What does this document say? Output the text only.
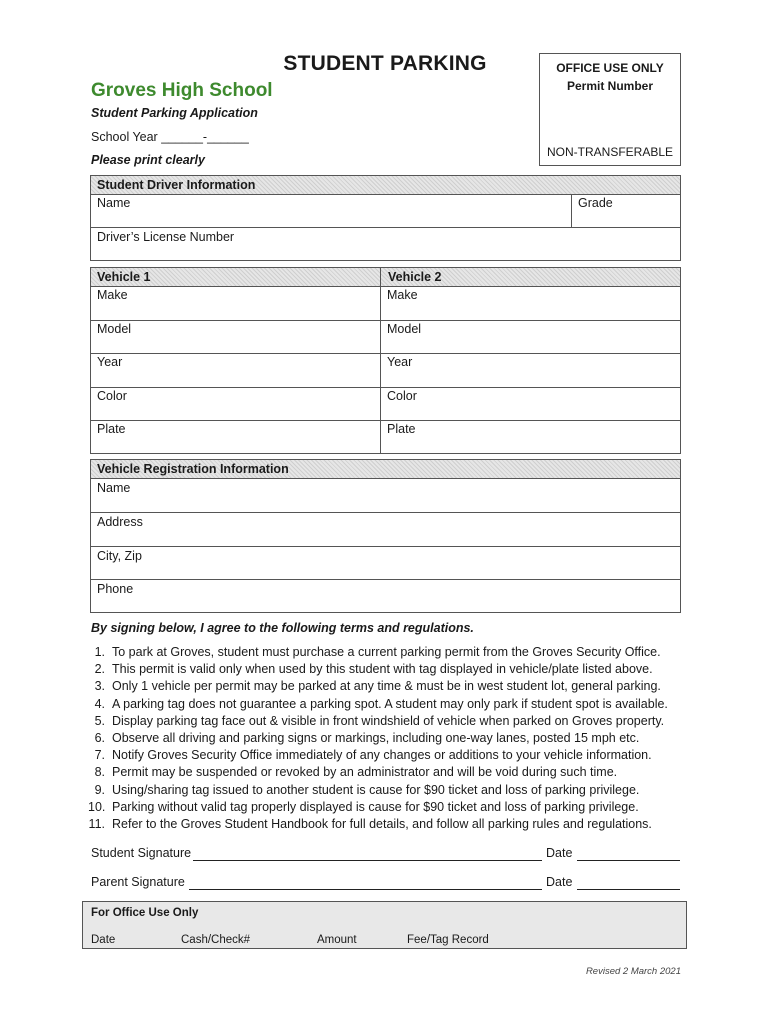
STUDENT PARKING
Groves High School
Student Parking Application
School Year ______-______
Please print clearly
OFFICE USE ONLY
Permit Number
NON-TRANSFERABLE
Student Driver Information
Name	Grade
Driver’s License Number
Vehicle 1	Vehicle 2
Make	Make
Model	Model
Year	Year
Color	Color
Plate	Plate
Vehicle Registration Information
Name
Address
City, Zip
Phone
By signing below, I agree to the following terms and regulations.
1. To park at Groves, student must purchase a current parking permit from the Groves Security Office.
2. This permit is valid only when used by this student with tag displayed in vehicle/plate listed above.
3. Only 1 vehicle per permit may be parked at any time & must be in west student lot, general parking.
4. A parking tag does not guarantee a parking spot. A student may only park if student spot is available.
5. Display parking tag face out & visible in front windshield of vehicle when parked on Groves property.
6. Observe all driving and parking signs or markings, including one-way lanes, posted 15 mph etc.
7. Notify Groves Security Office immediately of any changes or additions to your vehicle information.
8. Permit may be suspended or revoked by an administrator and will be void during such time.
9. Using/sharing tag issued to another student is cause for $90 ticket and loss of parking privilege.
10. Parking without valid tag properly displayed is cause for $90 ticket and loss of parking privilege.
11. Refer to the Groves Student Handbook for full details, and follow all parking rules and regulations.
Student Signature	Date
Parent Signature	Date
For Office Use Only
Date	Cash/Check#	Amount	Fee/Tag Record
Revised 2 March 2021
